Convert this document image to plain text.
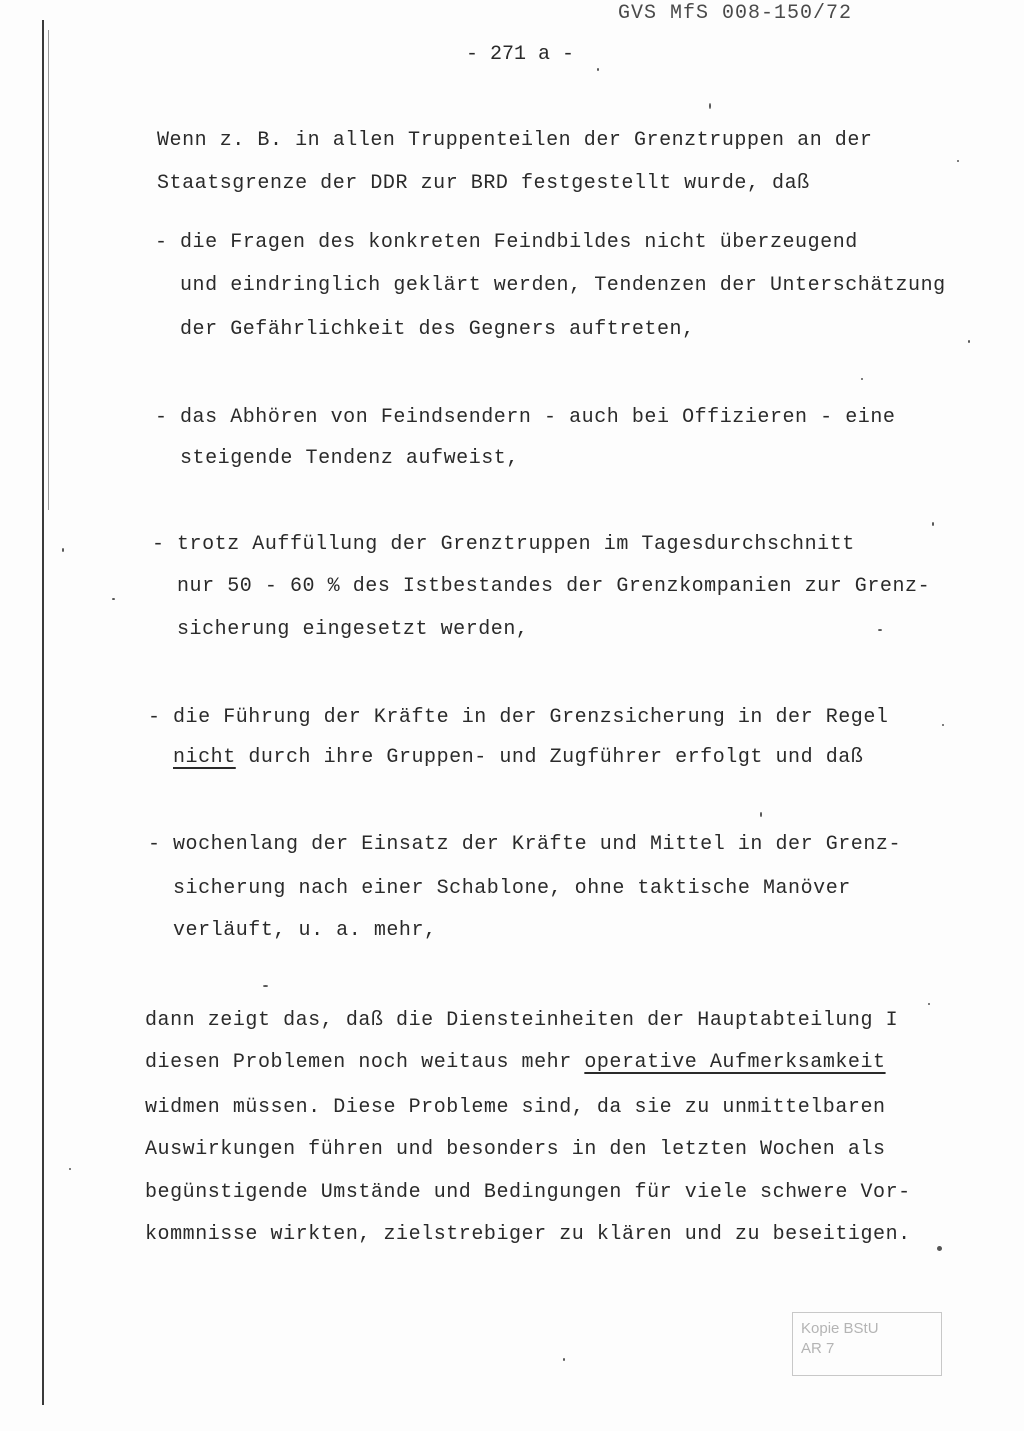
GVS MfS 008-150/72
- 271 a -
Wenn z. B. in allen Truppenteilen der Grenztruppen an der
Staatsgrenze der DDR zur BRD festgestellt wurde, daß
- die Fragen des konkreten Feindbildes nicht überzeugend
und eindringlich geklärt werden, Tendenzen der Unterschätzung
der Gefährlichkeit des Gegners auftreten,
- das Abhören von Feindsendern - auch bei Offizieren - eine
steigende Tendenz aufweist,
- trotz Auffüllung der Grenztruppen im Tagesdurchschnitt
nur 50 - 60 % des Istbestandes der Grenzkompanien zur Grenz-
sicherung eingesetzt werden,
- die Führung der Kräfte in der Grenzsicherung in der Regel
nicht durch ihre Gruppen- und Zugführer erfolgt und daß
- wochenlang der Einsatz der Kräfte und Mittel in der Grenz-
sicherung nach einer Schablone, ohne taktische Manöver
verläuft, u. a. mehr,
dann zeigt das, daß die Diensteinheiten der Hauptabteilung I
diesen Problemen noch weitaus mehr operative Aufmerksamkeit
widmen müssen. Diese Probleme sind, da sie zu unmittelbaren
Auswirkungen führen und besonders in den letzten Wochen als
begünstigende Umstände und Bedingungen für viele schwere Vor-
kommnisse wirkten, zielstrebiger zu klären und zu beseitigen.
Kopie BStU
AR 7
